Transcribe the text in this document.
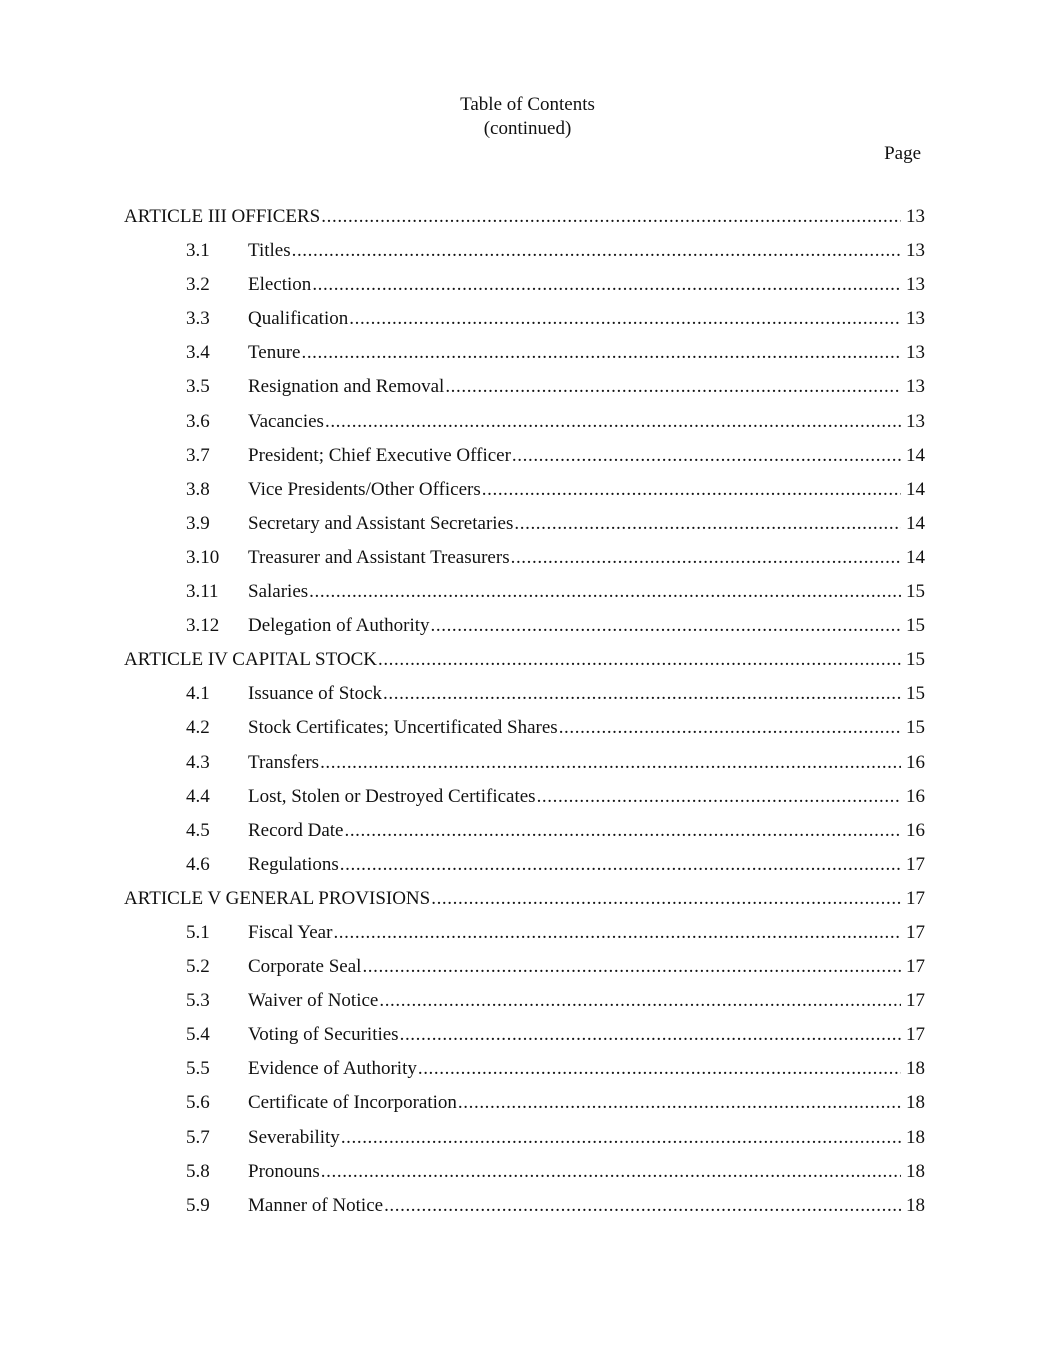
Table of Contents
(continued)
Page
ARTICLE III OFFICERS .....	13
3.1	Titles .....	13
3.2	Election .....	13
3.3	Qualification .....	13
3.4	Tenure .....	13
3.5	Resignation and Removal .....	13
3.6	Vacancies .....	13
3.7	President; Chief Executive Officer .....	14
3.8	Vice Presidents/Other Officers .....	14
3.9	Secretary and Assistant Secretaries .....	14
3.10	Treasurer and Assistant Treasurers .....	14
3.11	Salaries .....	15
3.12	Delegation of Authority .....	15
ARTICLE IV CAPITAL STOCK .....	15
4.1	Issuance of Stock .....	15
4.2	Stock Certificates; Uncertificated Shares .....	15
4.3	Transfers .....	16
4.4	Lost, Stolen or Destroyed Certificates .....	16
4.5	Record Date .....	16
4.6	Regulations .....	17
ARTICLE V GENERAL PROVISIONS .....	17
5.1	Fiscal Year .....	17
5.2	Corporate Seal .....	17
5.3	Waiver of Notice .....	17
5.4	Voting of Securities .....	17
5.5	Evidence of Authority .....	18
5.6	Certificate of Incorporation .....	18
5.7	Severability .....	18
5.8	Pronouns .....	18
5.9	Manner of Notice .....	18
